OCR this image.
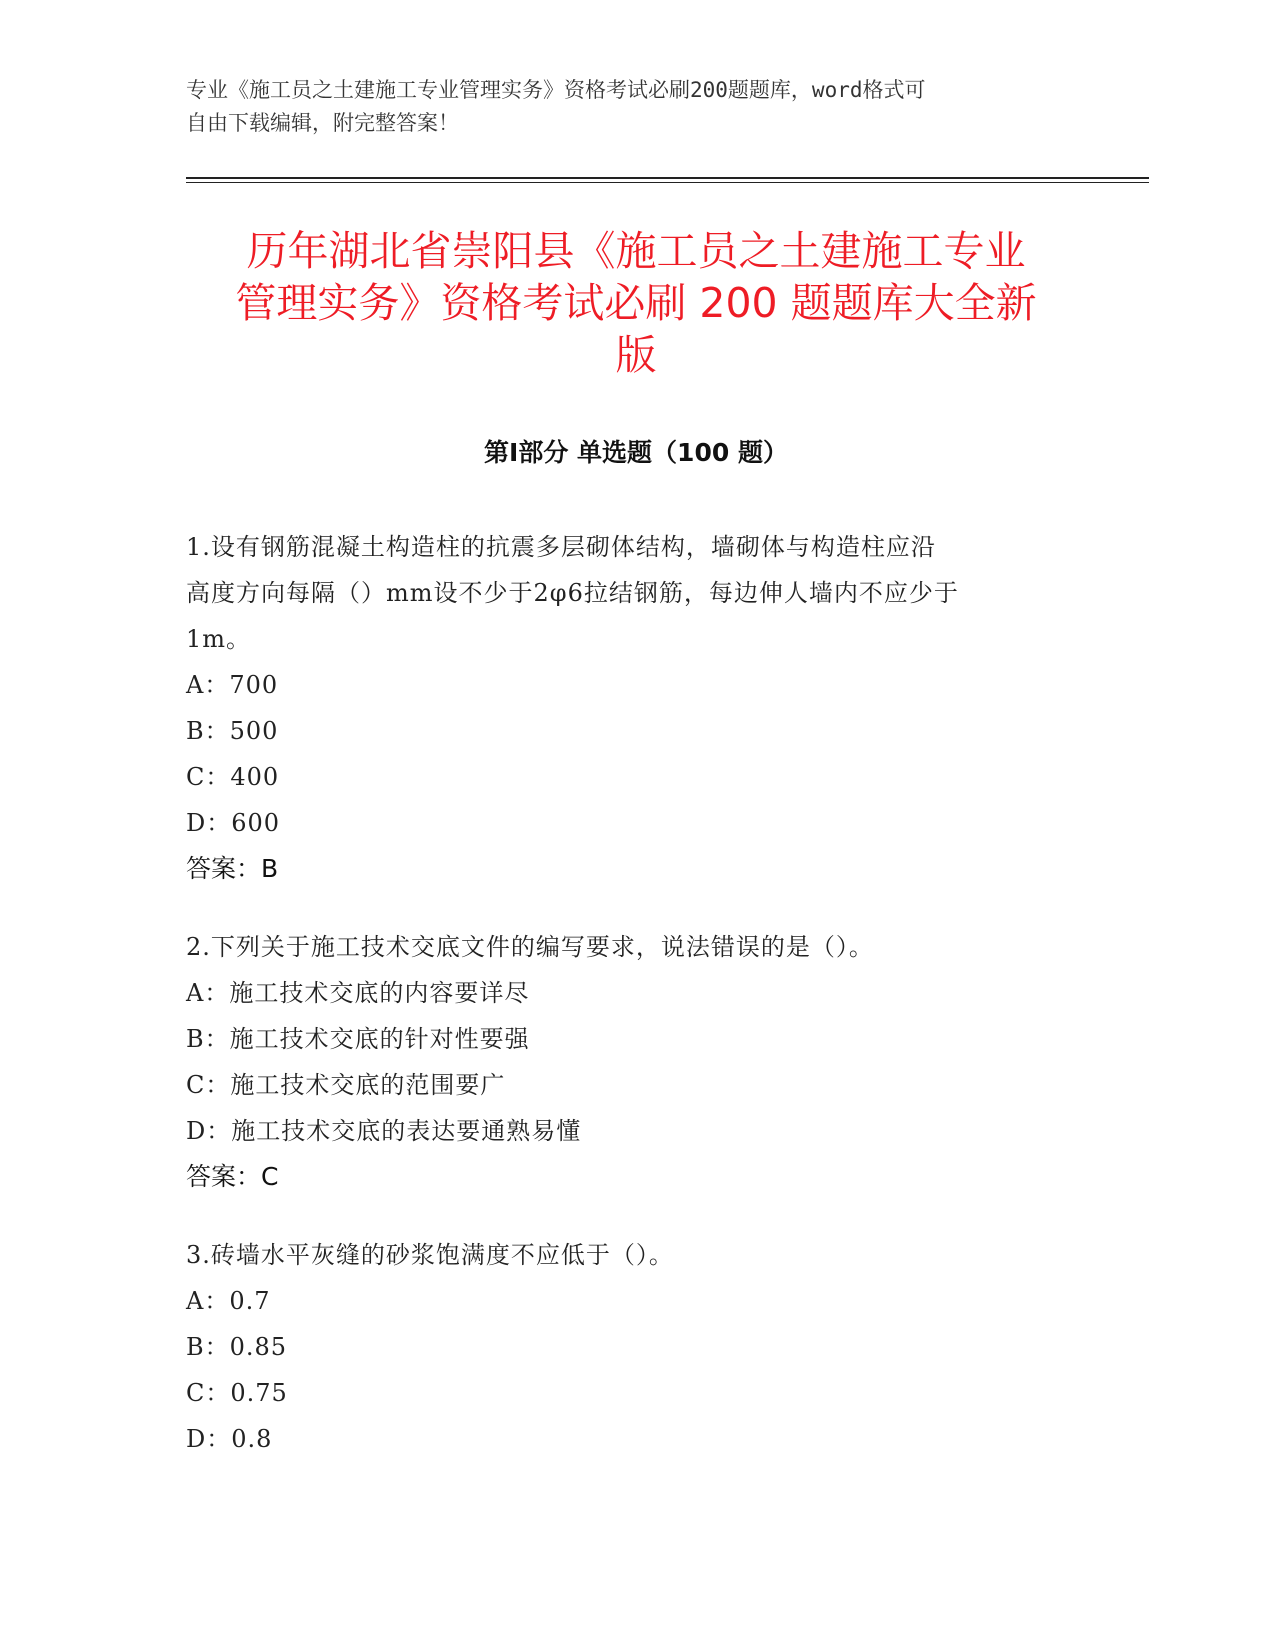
专业《施工员之土建施工专业管理实务》资格考试必刷200题题库，word格式可
自由下载编辑，附完整答案！
历年湖北省崇阳县《施工员之土建施工专业
管理实务》资格考试必刷 200 题题库大全新
版
第Ⅰ部分 单选题（100 题）

1.设有钢筋混凝土构造柱的抗震多层砌体结构，墙砌体与构造柱应沿

高度方向每隔（）mm设不少于2φ6拉结钢筋，每边伸人墙内不应少于

1m。

A：700

B：500

C：400

D：600

答案：B

2.下列关于施工技术交底文件的编写要求，说法错误的是（）。

A：施工技术交底的内容要详尽

B：施工技术交底的针对性要强

C：施工技术交底的范围要广

D：施工技术交底的表达要通熟易懂

答案：C

3.砖墙水平灰缝的砂浆饱满度不应低于（）。

A：0.7

B：0.85

C：0.75

D：0.8
